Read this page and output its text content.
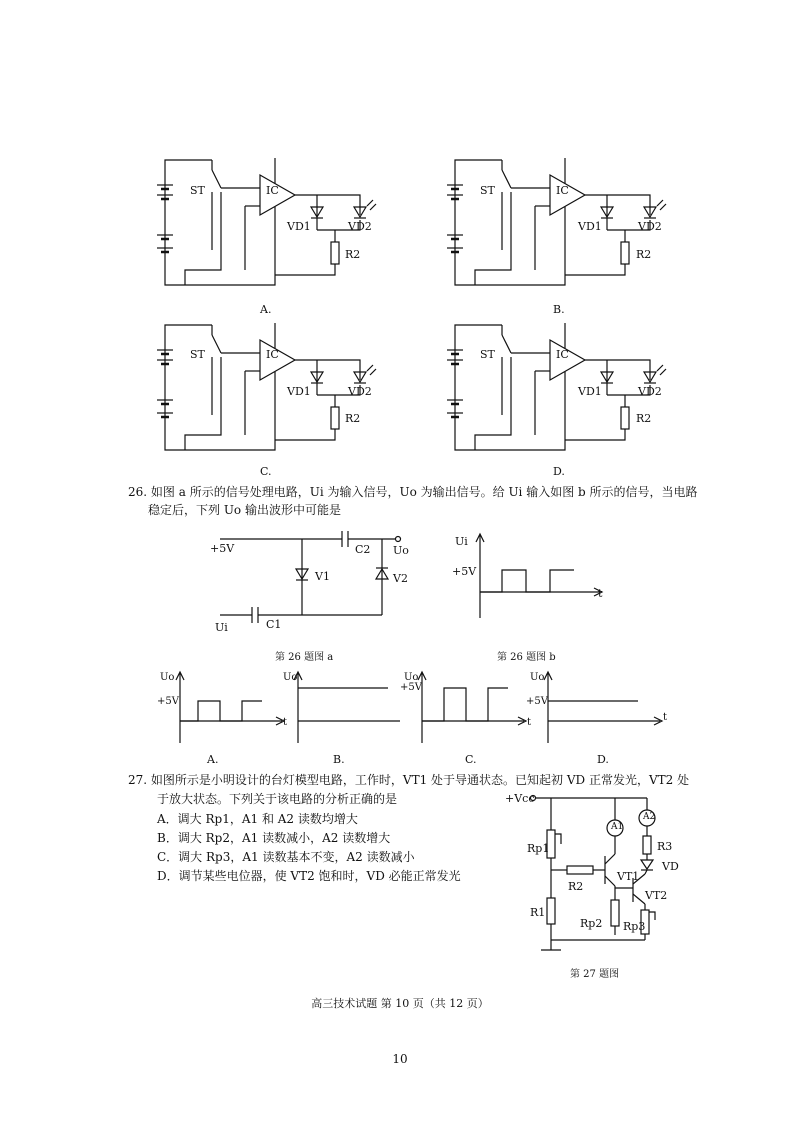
ST	IC
VD1	VD2
R2
A.
ST	IC
VD1	VD2
R2
B.
ST	IC
VD1	VD2
R2
C.
ST	IC
VD1	VD2
R2
D.
26. 如图 a 所示的信号处理电路，Ui 为输入信号，Uo 为输出信号。给 Ui 输入如图 b 所示的信号，当电路
稳定后，下列 Uo 输出波形中可能是
+5V	C2 Uo
V1	V2
Ui	C1
第 26 题图 a
Ui
+5V
t
第 26 题图 b
Uo
+5V
t
Uo	Uo
+5V
t
Uo
+5V
t
A.	B.	C.	D.
27. 如图所示是小明设计的台灯模型电路，工作时，VT1 处于导通状态。已知起初 VD 正常发光，VT2 处
于放大状态。下列关于该电路的分析正确的是
A．调大 Rp1，A1 和 A2 读数均增大
B．调大 Rp2，A1 读数减小，A2 读数增大
C．调大 Rp3，A1 读数基本不变，A2 读数减小
D．调节某些电位器，使 VT2 饱和时，VD 必能正常发光
+Vcc
A1
A2
Rp1	R3
VD
R2
VT1
VT2
R1
Rp2 Rp3
第 27 题图
高三技术试题 第 10 页（共 12 页）
10
